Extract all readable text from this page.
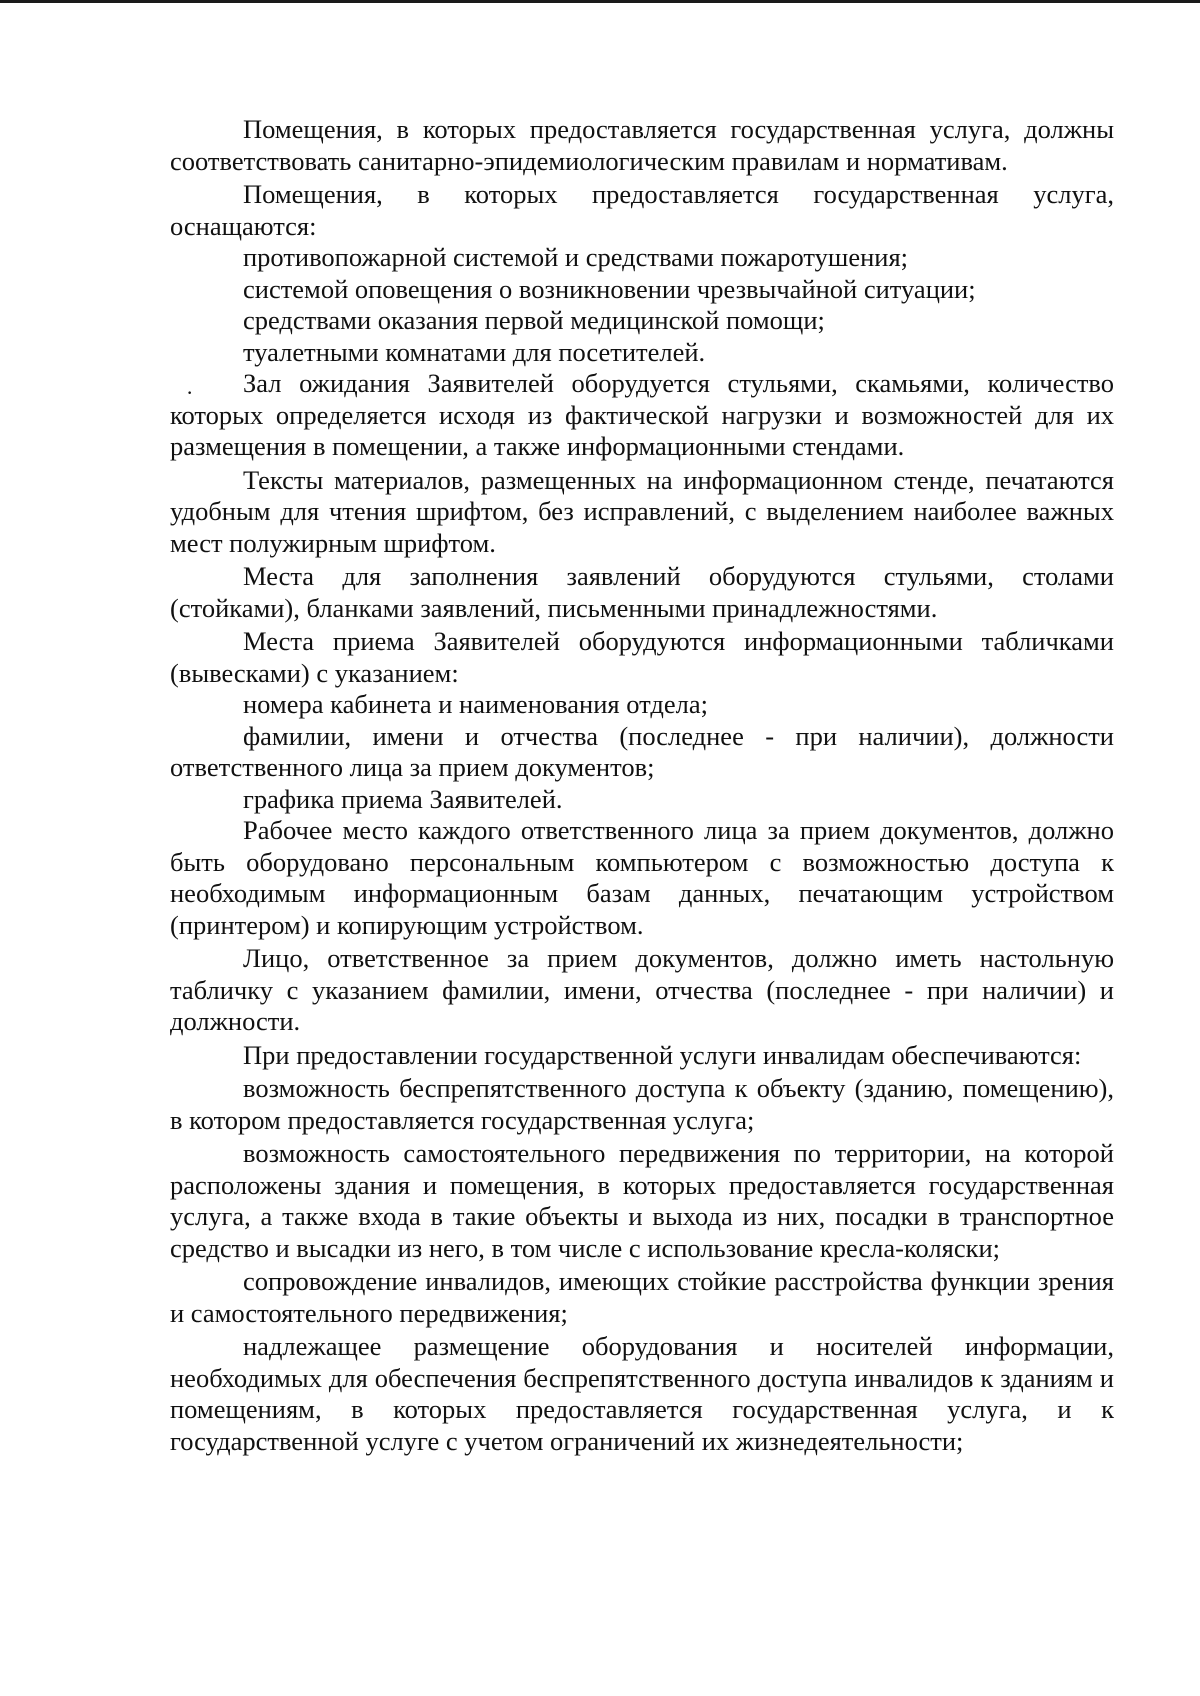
·

Помещения, в которых предоставляется государственная услуга, должны соответствовать санитарно-эпидемиологическим правилам и нормативам.

Помещения, в которых предоставляется государственная услуга, оснащаются:

противопожарной системой и средствами пожаротушения;

системой оповещения о возникновении чрезвычайной ситуации;

средствами оказания первой медицинской помощи;

туалетными комнатами для посетителей.

Зал ожидания Заявителей оборудуется стульями, скамьями, количество которых определяется исходя из фактической нагрузки и возможностей для их размещения в помещении, а также информационными стендами.

Тексты материалов, размещенных на информационном стенде, печатаются удобным для чтения шрифтом, без исправлений, с выделением наиболее важных мест полужирным шрифтом.

Места для заполнения заявлений оборудуются стульями, столами (стойками), бланками заявлений, письменными принадлежностями.

Места приема Заявителей оборудуются информационными табличками (вывесками) с указанием:

номера кабинета и наименования отдела;

фамилии, имени и отчества (последнее - при наличии), должности ответственного лица за прием документов;

графика приема Заявителей.

Рабочее место каждого ответственного лица за прием документов, должно быть оборудовано персональным компьютером с возможностью доступа к необходимым информационным базам данных, печатающим устройством (принтером) и копирующим устройством.

Лицо, ответственное за прием документов, должно иметь настольную табличку с указанием фамилии, имени, отчества (последнее - при наличии) и должности.

При предоставлении государственной услуги инвалидам обеспечиваются:

возможность беспрепятственного доступа к объекту (зданию, помещению), в котором предоставляется государственная услуга;

возможность самостоятельного передвижения по территории, на которой расположены здания и помещения, в которых предоставляется государственная услуга, а также входа в такие объекты и выхода из них, посадки в транспортное средство и высадки из него, в том числе с использование кресла-коляски;

сопровождение инвалидов, имеющих стойкие расстройства функции зрения и самостоятельного передвижения;

надлежащее размещение оборудования и носителей информации, необходимых для обеспечения беспрепятственного доступа инвалидов к зданиям и помещениям, в которых предоставляется государственная услуга, и к государственной услуге с учетом ограничений их жизнедеятельности;
